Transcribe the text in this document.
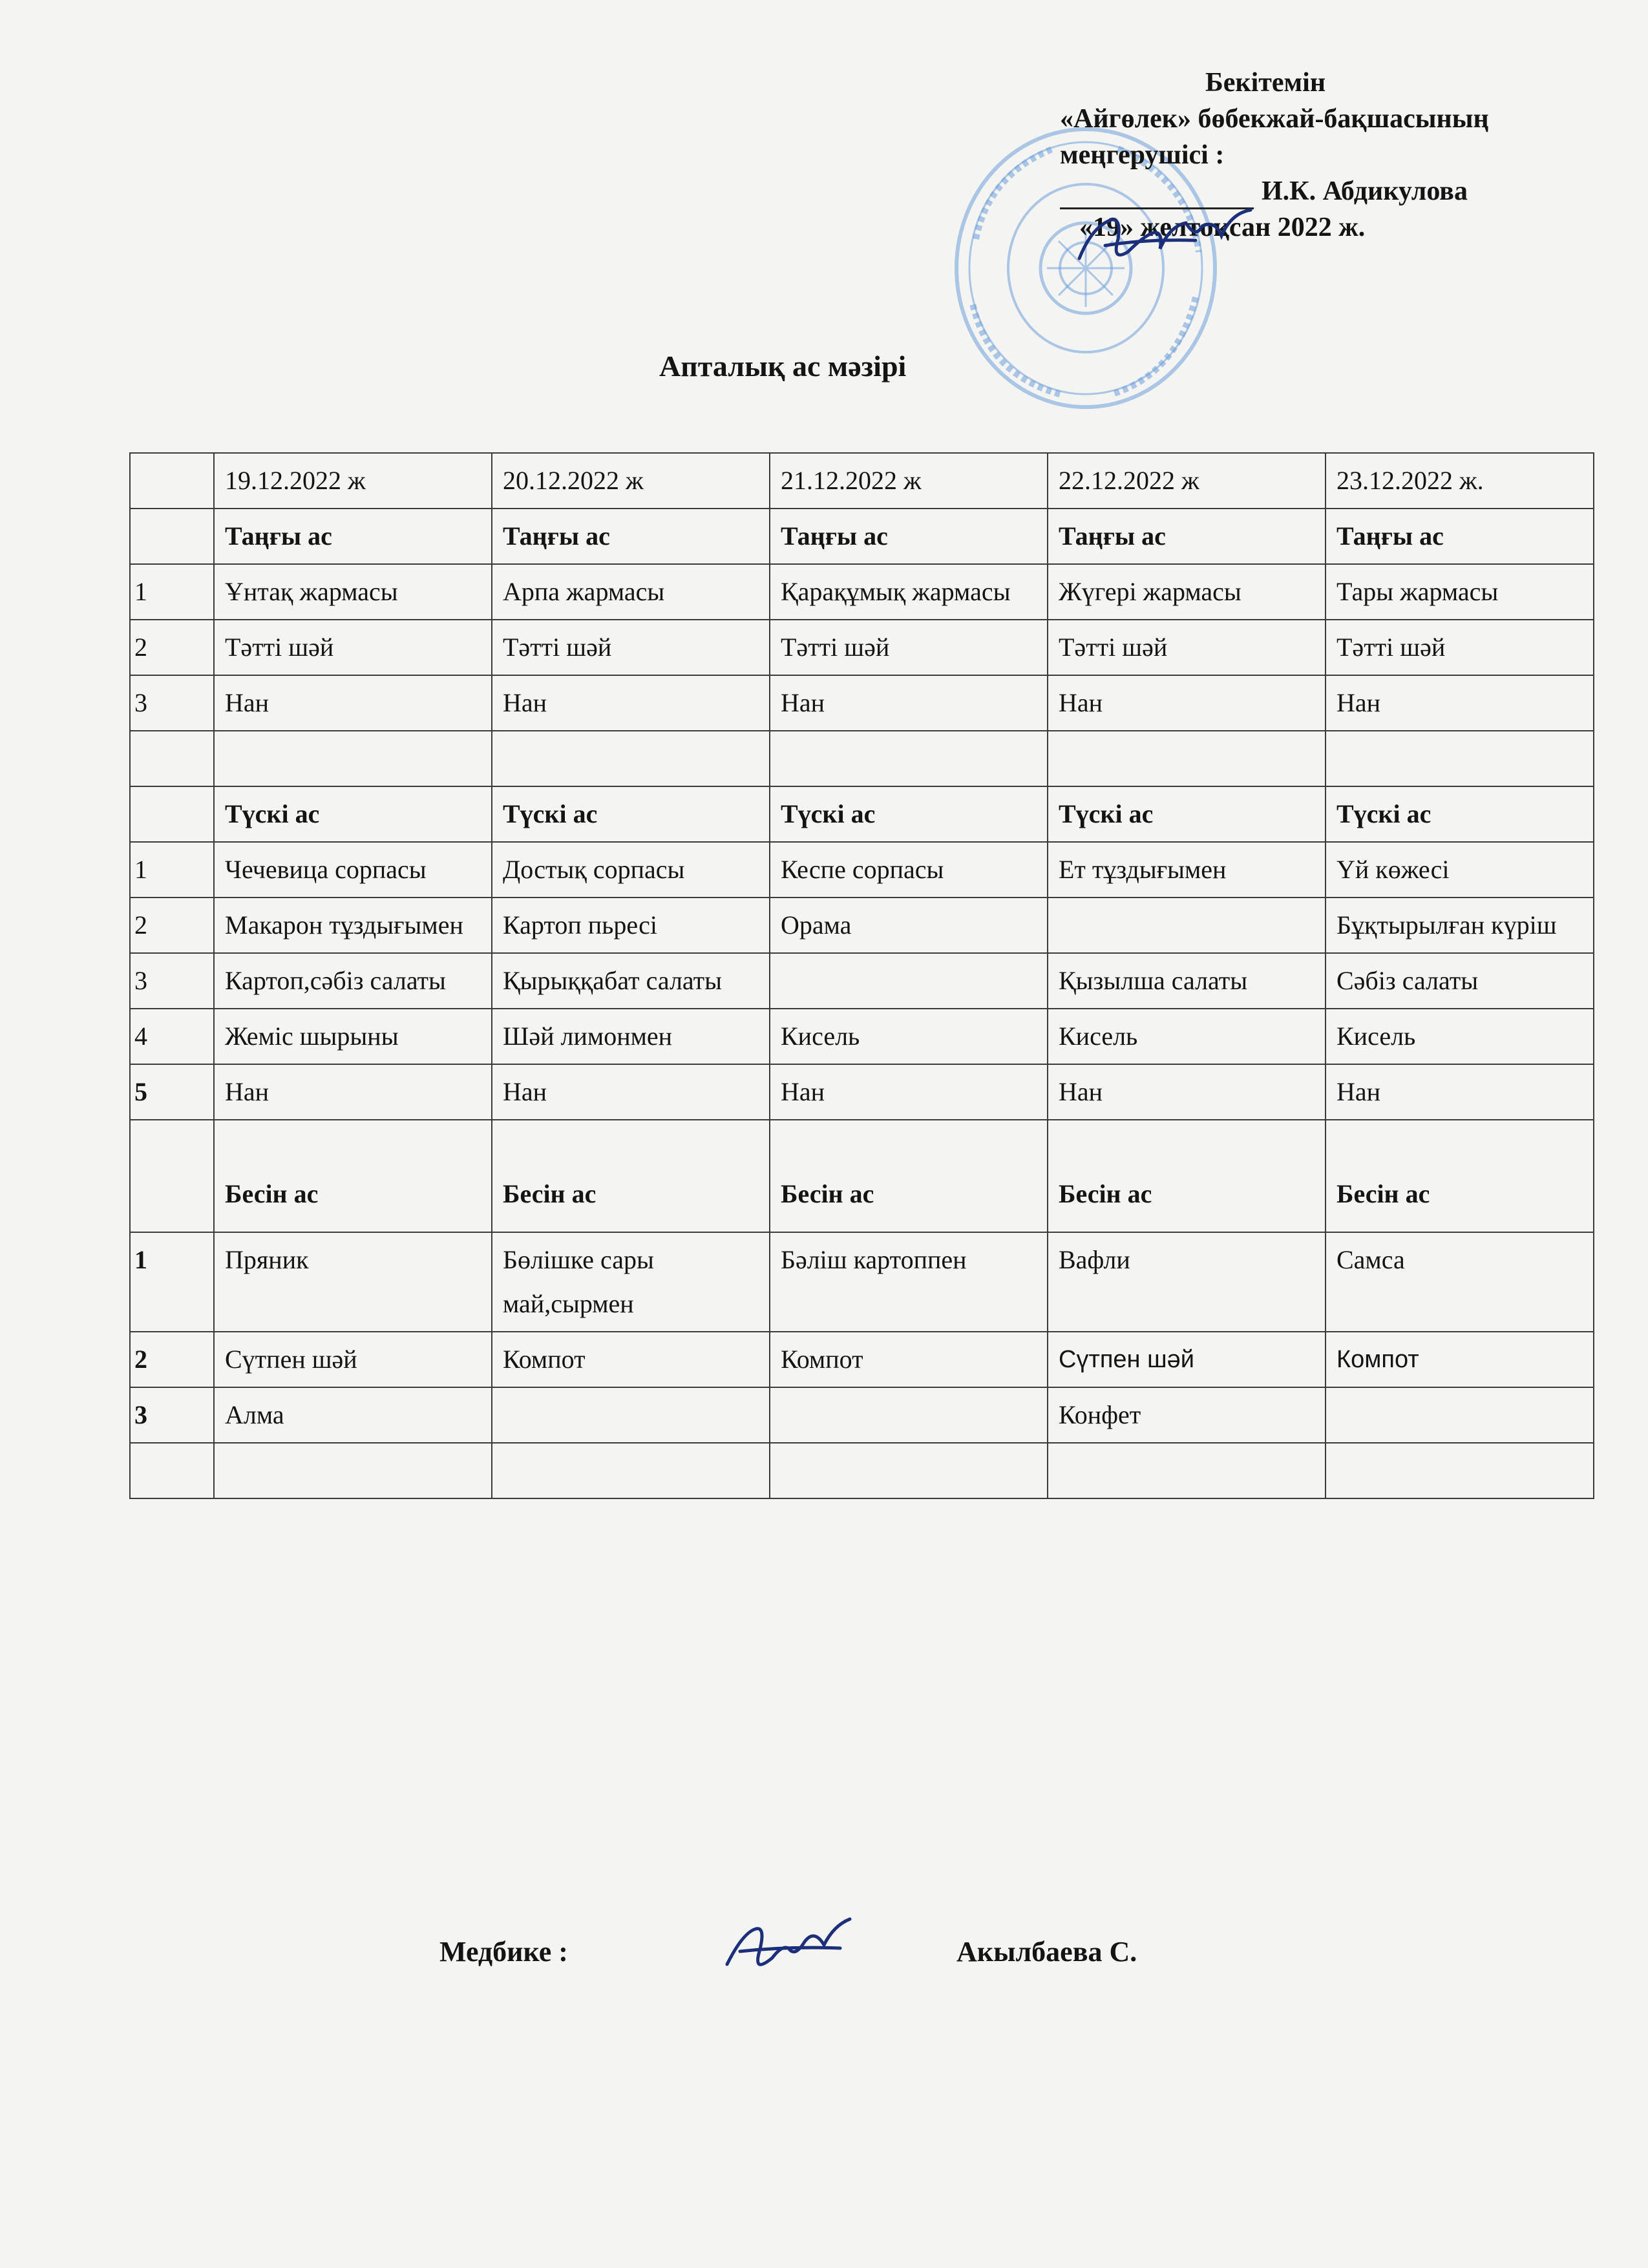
Бекітемін
«Айгөлек» бөбекжай-бақшасының
меңгерушісі :
И.К. Абдикулова
«19» желтоқсан 2022 ж.
Апталық ас мәзірі
	19.12.2022 ж	20.12.2022 ж	21.12.2022 ж	22.12.2022 ж	23.12.2022 ж.
	Таңғы ас	Таңғы ас	Таңғы ас	Таңғы ас	Таңғы ас
1	Ұнтақ жармасы	Арпа жармасы	Қарақұмық жармасы	Жүгері жармасы	Тары жармасы
2	Тәтті шәй	Тәтті шәй	Тәтті шәй	Тәтті шәй	Тәтті шәй
3	Нан	Нан	Нан	Нан	Нан

	Түскі ас	Түскі ас	Түскі ас	Түскі ас	Түскі ас
1	Чечевица сорпасы	Достық сорпасы	Кеспе сорпасы	Ет тұздығымен	Үй көжесі
2	Макарон тұздығымен	Картоп пьресі	Орама		Бұқтырылған күріш
3	Картоп,сәбіз салаты	Қырыққабат салаты		Қызылша салаты	Сәбіз салаты
4	Жеміс шырыны	Шәй лимонмен	Кисель	Кисель	Кисель
5	Нан	Нан	Нан	Нан	Нан
	Бесін ас	Бесін ас	Бесін ас	Бесін ас	Бесін ас
1	Пряник	Бөлішке сары май,сырмен	Бәліш картоппен	Вафли	Самса
2	Сүтпен шәй	Компот	Компот	Сүтпен шәй	Компот
3	Алма			Конфет	

Медбике :	Акылбаева С.
